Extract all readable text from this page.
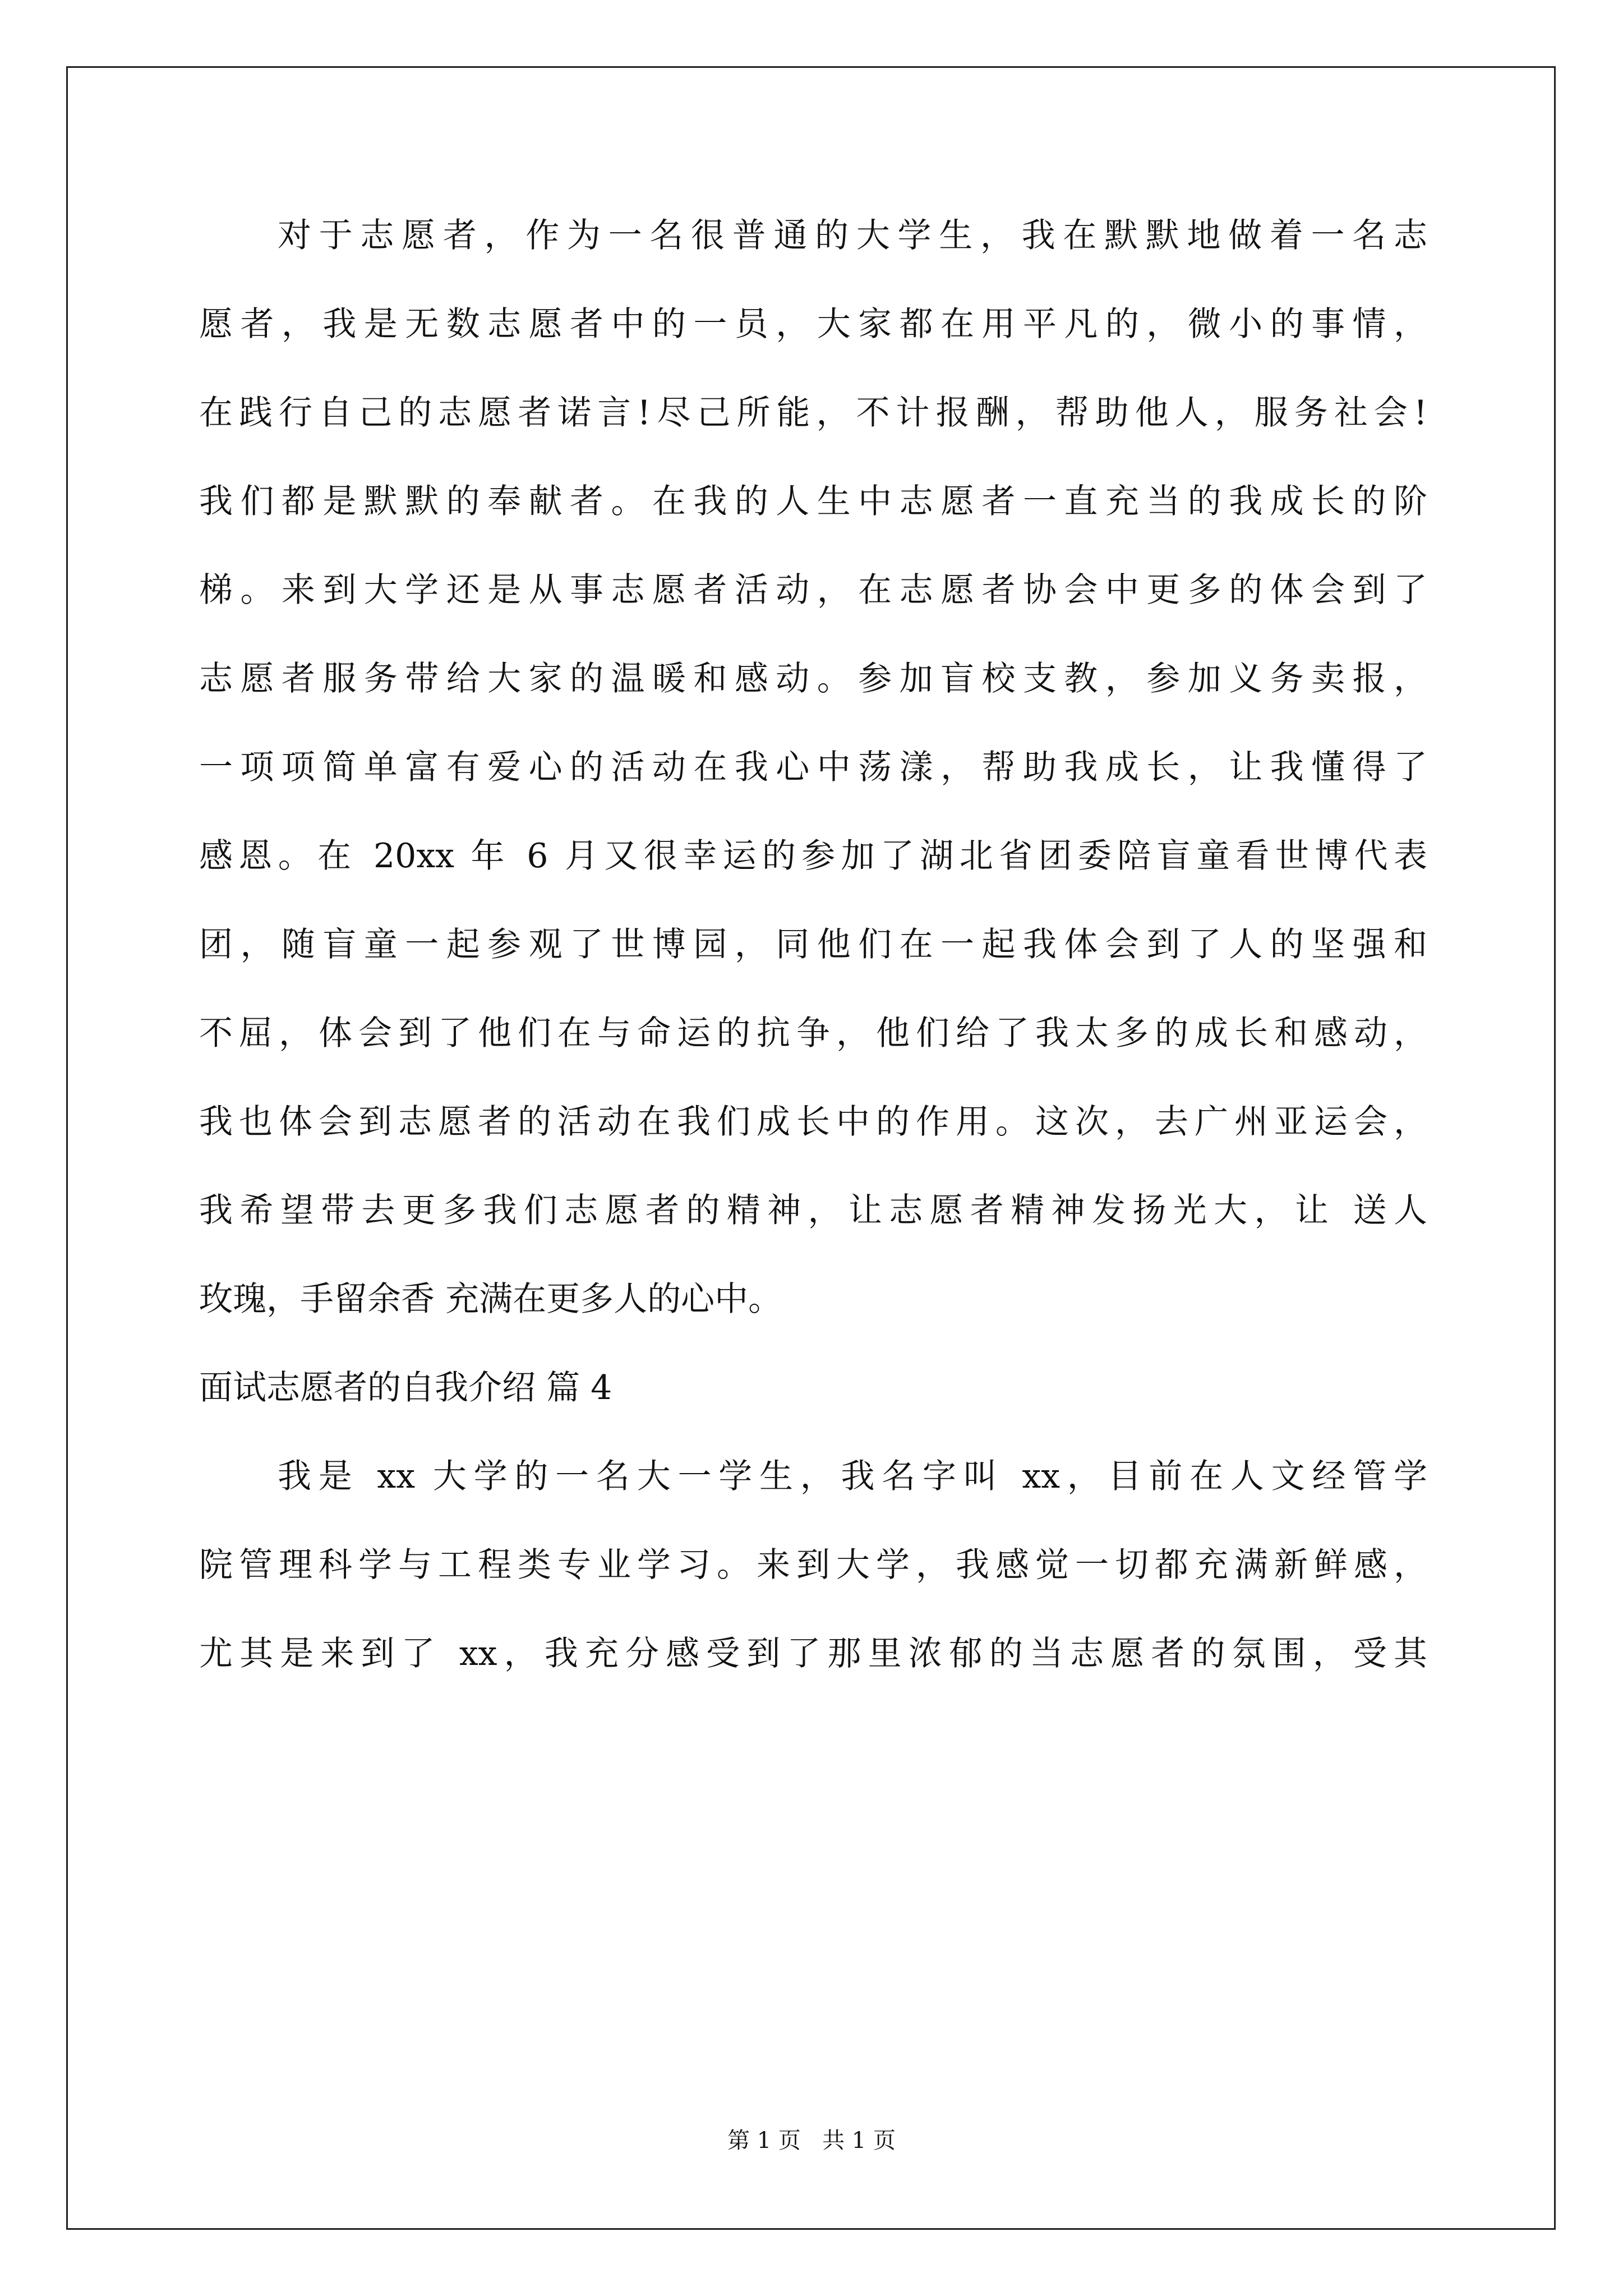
对于志愿者，作为一名很普通的大学生，我在默默地做着一名志
愿者，我是无数志愿者中的一员，大家都在用平凡的，微小的事情，
在践行自己的志愿者诺言!尽己所能，不计报酬，帮助他人，服务社会!
我们都是默默的奉献者。在我的人生中志愿者一直充当的我成长的阶
梯。来到大学还是从事志愿者活动，在志愿者协会中更多的体会到了
志愿者服务带给大家的温暖和感动。参加盲校支教，参加义务卖报，
一项项简单富有爱心的活动在我心中荡漾，帮助我成长，让我懂得了
感恩。在 20xx 年 6 月又很幸运的参加了湖北省团委陪盲童看世博代表
团，随盲童一起参观了世博园，同他们在一起我体会到了人的坚强和
不屈，体会到了他们在与命运的抗争，他们给了我太多的成长和感动，
我也体会到志愿者的活动在我们成长中的作用。这次，去广州亚运会，
我希望带去更多我们志愿者的精神，让志愿者精神发扬光大，让 送人
玫瑰，手留余香 充满在更多人的心中。
面试志愿者的自我介绍 篇 4
我是 xx 大学的一名大一学生，我名字叫 xx，目前在人文经管学
院管理科学与工程类专业学习。来到大学，我感觉一切都充满新鲜感，
尤其是来到了 xx，我充分感受到了那里浓郁的当志愿者的氛围，受其
第 1 页   共 1 页
